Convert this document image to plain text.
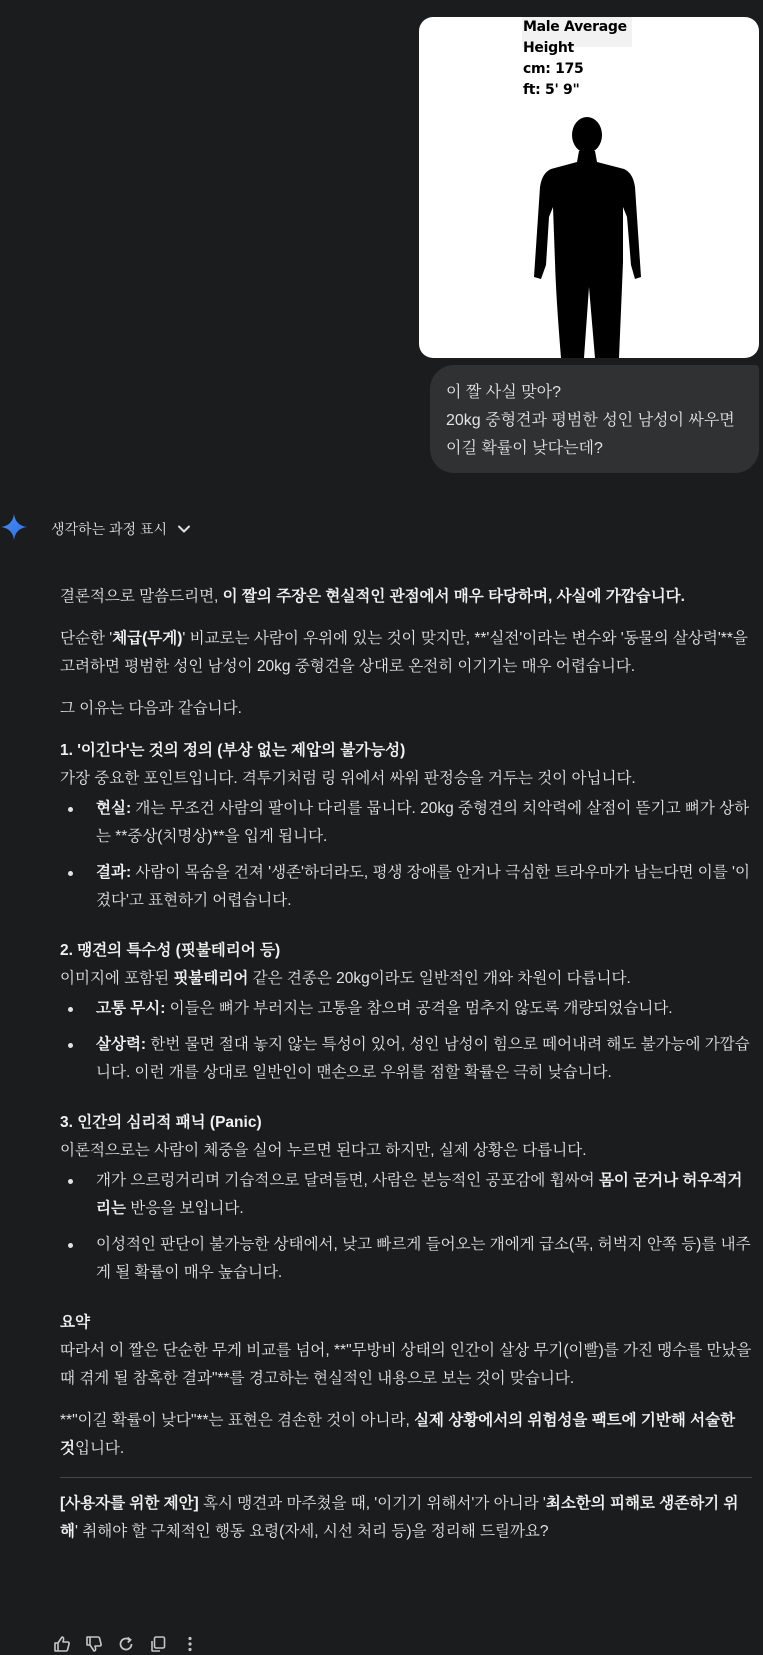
Male Average
Height
cm: 175
ft: 5' 9"
이 짤 사실 맞아?
20kg 중형견과 평범한 성인 남성이 싸우면
이길 확률이 낮다는데?
생각하는 과정 표시

결론적으로 말씀드리면, 이 짤의 주장은 현실적인 관점에서 매우 타당하며, 사실에 가깝습니다.

단순한 '체급(무게)' 비교로는 사람이 우위에 있는 것이 맞지만, **'실전'이라는 변수와 '동물의 살상력'**을 고려하면 평범한 성인 남성이 20kg 중형견을 상대로 온전히 이기기는 매우 어렵습니다.

그 이유는 다음과 같습니다.

1. '이긴다'는 것의 정의 (부상 없는 제압의 불가능성)
가장 중요한 포인트입니다. 격투기처럼 링 위에서 싸워 판정승을 거두는 것이 아닙니다.
현실: 개는 무조건 사람의 팔이나 다리를 뭅니다. 20kg 중형견의 치악력에 살점이 뜯기고 뼈가 상하는 **중상(치명상)**을 입게 됩니다.
결과: 사람이 목숨을 건져 '생존'하더라도, 평생 장애를 안거나 극심한 트라우마가 남는다면 이를 '이겼다'고 표현하기 어렵습니다.
2. 맹견의 특수성 (핏불테리어 등)
이미지에 포함된 핏불테리어 같은 견종은 20kg이라도 일반적인 개와 차원이 다릅니다.
고통 무시: 이들은 뼈가 부러지는 고통을 참으며 공격을 멈추지 않도록 개량되었습니다.
살상력: 한번 물면 절대 놓지 않는 특성이 있어, 성인 남성이 힘으로 떼어내려 해도 불가능에 가깝습니다. 이런 개를 상대로 일반인이 맨손으로 우위를 점할 확률은 극히 낮습니다.
3. 인간의 심리적 패닉 (Panic)
이론적으로는 사람이 체중을 실어 누르면 된다고 하지만, 실제 상황은 다릅니다.
개가 으르렁거리며 기습적으로 달려들면, 사람은 본능적인 공포감에 휩싸여 몸이 굳거나 허우적거리는 반응을 보입니다.
이성적인 판단이 불가능한 상태에서, 낮고 빠르게 들어오는 개에게 급소(목, 허벅지 안쪽 등)를 내주게 될 확률이 매우 높습니다.
요약

따라서 이 짤은 단순한 무게 비교를 넘어, **"무방비 상태의 인간이 살상 무기(이빨)를 가진 맹수를 만났을 때 겪게 될 참혹한 결과"**를 경고하는 현실적인 내용으로 보는 것이 맞습니다.

**"이길 확률이 낮다"**는 표현은 겸손한 것이 아니라, 실제 상황에서의 위험성을 팩트에 기반해 서술한 것입니다.

[사용자를 위한 제안] 혹시 맹견과 마주쳤을 때, '이기기 위해서'가 아니라 '최소한의 피해로 생존하기 위해' 취해야 할 구체적인 행동 요령(자세, 시선 처리 등)을 정리해 드릴까요?
